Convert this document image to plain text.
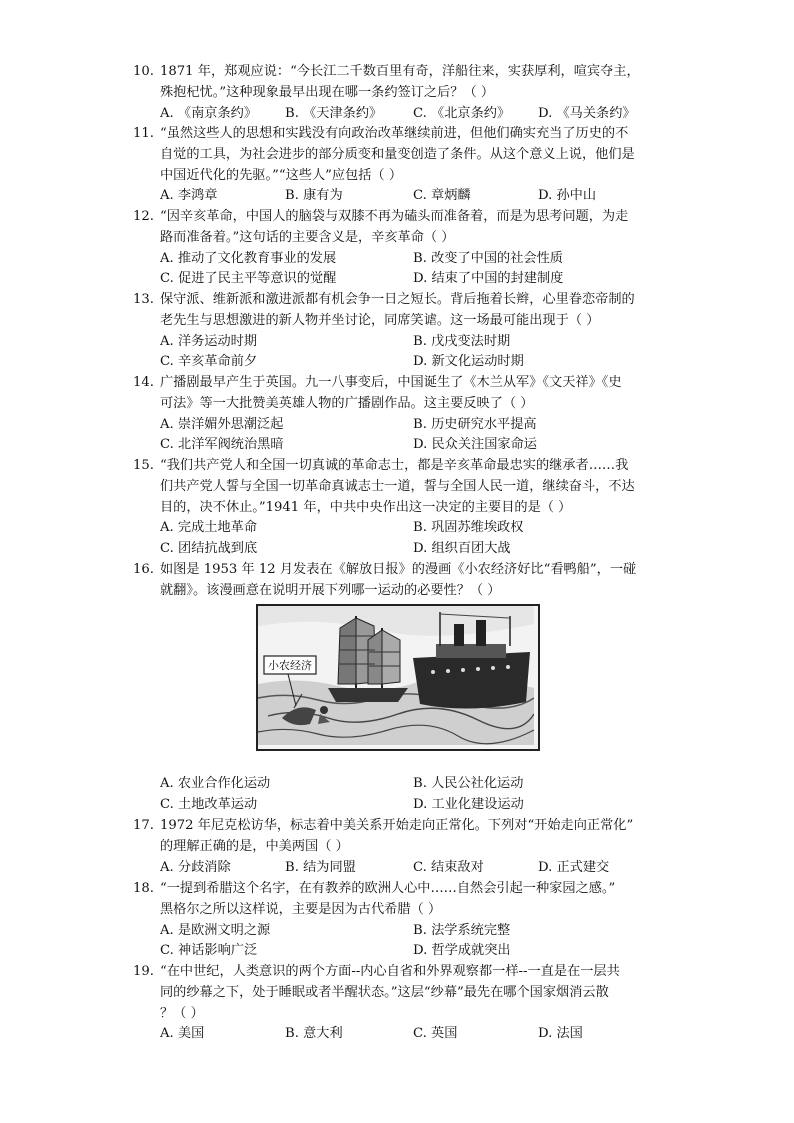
10. 1871 年，郑观应说：“今长江二千数百里有奇，洋船往来，实获厚利，喧宾夺主，
殊抱杞忧。”这种现象最早出现在哪一条约签订之后？（ ）
A. 《南京条约》 B. 《天津条约》 C. 《北京条约》 D. 《马关条约》
11. “虽然这些人的思想和实践没有向政治改革继续前进，但他们确实充当了历史的不
自觉的工具，为社会进步的部分质变和量变创造了条件。从这个意义上说，他们是
中国近代化的先驱。”“这些人”应包括（ ）
A. 李鸿章	B. 康有为	C. 章炳麟	D. 孙中山
12. “因辛亥革命，中国人的脑袋与双膝不再为磕头而准备着，而是为思考问题，为走
路而准备着。”这句话的主要含义是，辛亥革命（ ）
A. 推动了文化教育事业的发展	B. 改变了中国的社会性质
C. 促进了民主平等意识的觉醒	D. 结束了中国的封建制度
13. 保守派、维新派和激进派都有机会争一日之短长。背后拖着长辫，心里眷恋帝制的
老先生与思想激进的新人物并坐讨论，同席笑谑。这一场最可能出现于（ ）
A. 洋务运动时期	B. 戊戌变法时期
C. 辛亥革命前夕	D. 新文化运动时期
14. 广播剧最早产生于英国。九一八事变后，中国诞生了《木兰从军》《文天祥》《史
可法》等一大批赞美英雄人物的广播剧作品。这主要反映了（ ）
A. 崇洋媚外思潮泛起	B. 历史研究水平提高
C. 北洋军阀统治黑暗	D. 民众关注国家命运
15. “我们共产党人和全国一切真诚的革命志士，都是辛亥革命最忠实的继承者……我
们共产党人誓与全国一切革命真诚志士一道，誓与全国人民一道，继续奋斗，不达
目的，决不休止。”1941 年，中共中央作出这一决定的主要目的是（ ）
A. 完成土地革命	B. 巩固苏维埃政权
C. 团结抗战到底	D. 组织百团大战
16. 如图是 1953 年 12 月发表在《解放日报》的漫画《小农经济好比“看鸭船”，一碰
就翻》。该漫画意在说明开展下列哪一运动的必要性？（ ）
小农经济
A. 农业合作化运动	B. 人民公社化运动
C. 土地改革运动	D. 工业化建设运动
17. 1972 年尼克松访华，标志着中美关系开始走向正常化。下列对“开始走向正常化”
的理解正确的是，中美两国（ ）
A. 分歧消除	B. 结为同盟	C. 结束敌对	D. 正式建交
18. “一提到希腊这个名字，在有教养的欧洲人心中……自然会引起一种家园之感。”
黑格尔之所以这样说，主要是因为古代希腊（ ）
A. 是欧洲文明之源	B. 法学系统完整
C. 神话影响广泛	D. 哲学成就突出
19. “在中世纪，人类意识的两个方面--内心自省和外界观察都一样--一直是在一层共
同的纱幕之下，处于睡眠或者半醒状态。”这层“纱幕”最先在哪个国家烟消云散
？（ ）
A. 美国	B. 意大利	C. 英国	D. 法国
